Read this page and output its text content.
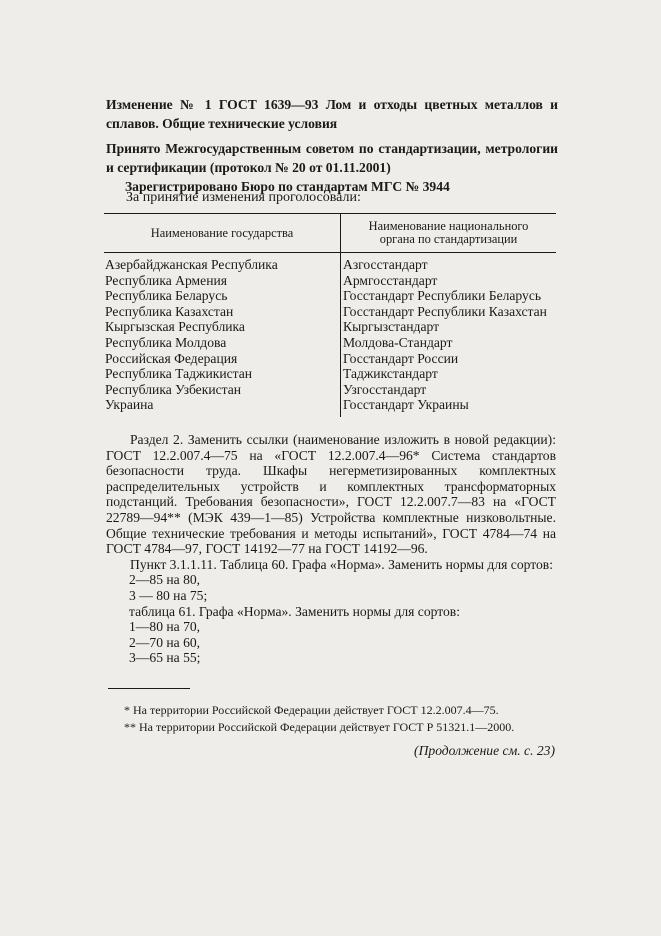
Изменение № 1 ГОСТ 1639—93 Лом и отходы цветных металлов и сплавов. Общие технические условия

Принято Межгосударственным советом по стандартизации, метрологии и сертификации (протокол № 20 от 01.11.2001)

Зарегистрировано Бюро по стандартам МГС № 3944

За принятие изменения проголосовали:
Наименование государства	Наименование национального
органа по стандартизации

Азербайджанская Республика	Азгосстандарт
Республика Армения	Армгосстандарт
Республика Беларусь	Госстандарт Республики Беларусь
Республика Казахстан	Госстандарт Республики Казахстан
Кыргызская Республика	Кыргызстандарт
Республика Молдова	Молдова-Стандарт
Российская Федерация	Госстандарт России
Республика Таджикистан	Таджикстандарт
Республика Узбекистан	Узгосстандарт
Украина	Госстандарт Украины

Раздел 2. Заменить ссылки (наименование изложить в новой редакции): ГОСТ 12.2.007.4—75 на «ГОСТ 12.2.007.4—96* Система стандартов безопасности труда. Шкафы негерметизированных комплектных распределительных устройств и комплектных трансформаторных подстанций. Требования безопасности», ГОСТ 12.2.007.7—83 на «ГОСТ 22789—94** (МЭК 439—1—85) Устройства комплектные низковольтные. Общие технические требования и методы испытаний», ГОСТ 4784—74 на ГОСТ 4784—97, ГОСТ 14192—77 на ГОСТ 14192—96.

Пункт 3.1.1.11. Таблица 60. Графа «Норма». Заменить нормы для сортов:

2—85 на 80,

3 — 80 на 75;

таблица 61. Графа «Норма». Заменить нормы для сортов:

1—80 на 70,

2—70 на 60,

3—65 на 55;

* На территории Российской Федерации действует ГОСТ 12.2.007.4—75.

** На территории Российской Федерации действует ГОСТ Р 51321.1—2000.

(Продолжение см. с. 23)
